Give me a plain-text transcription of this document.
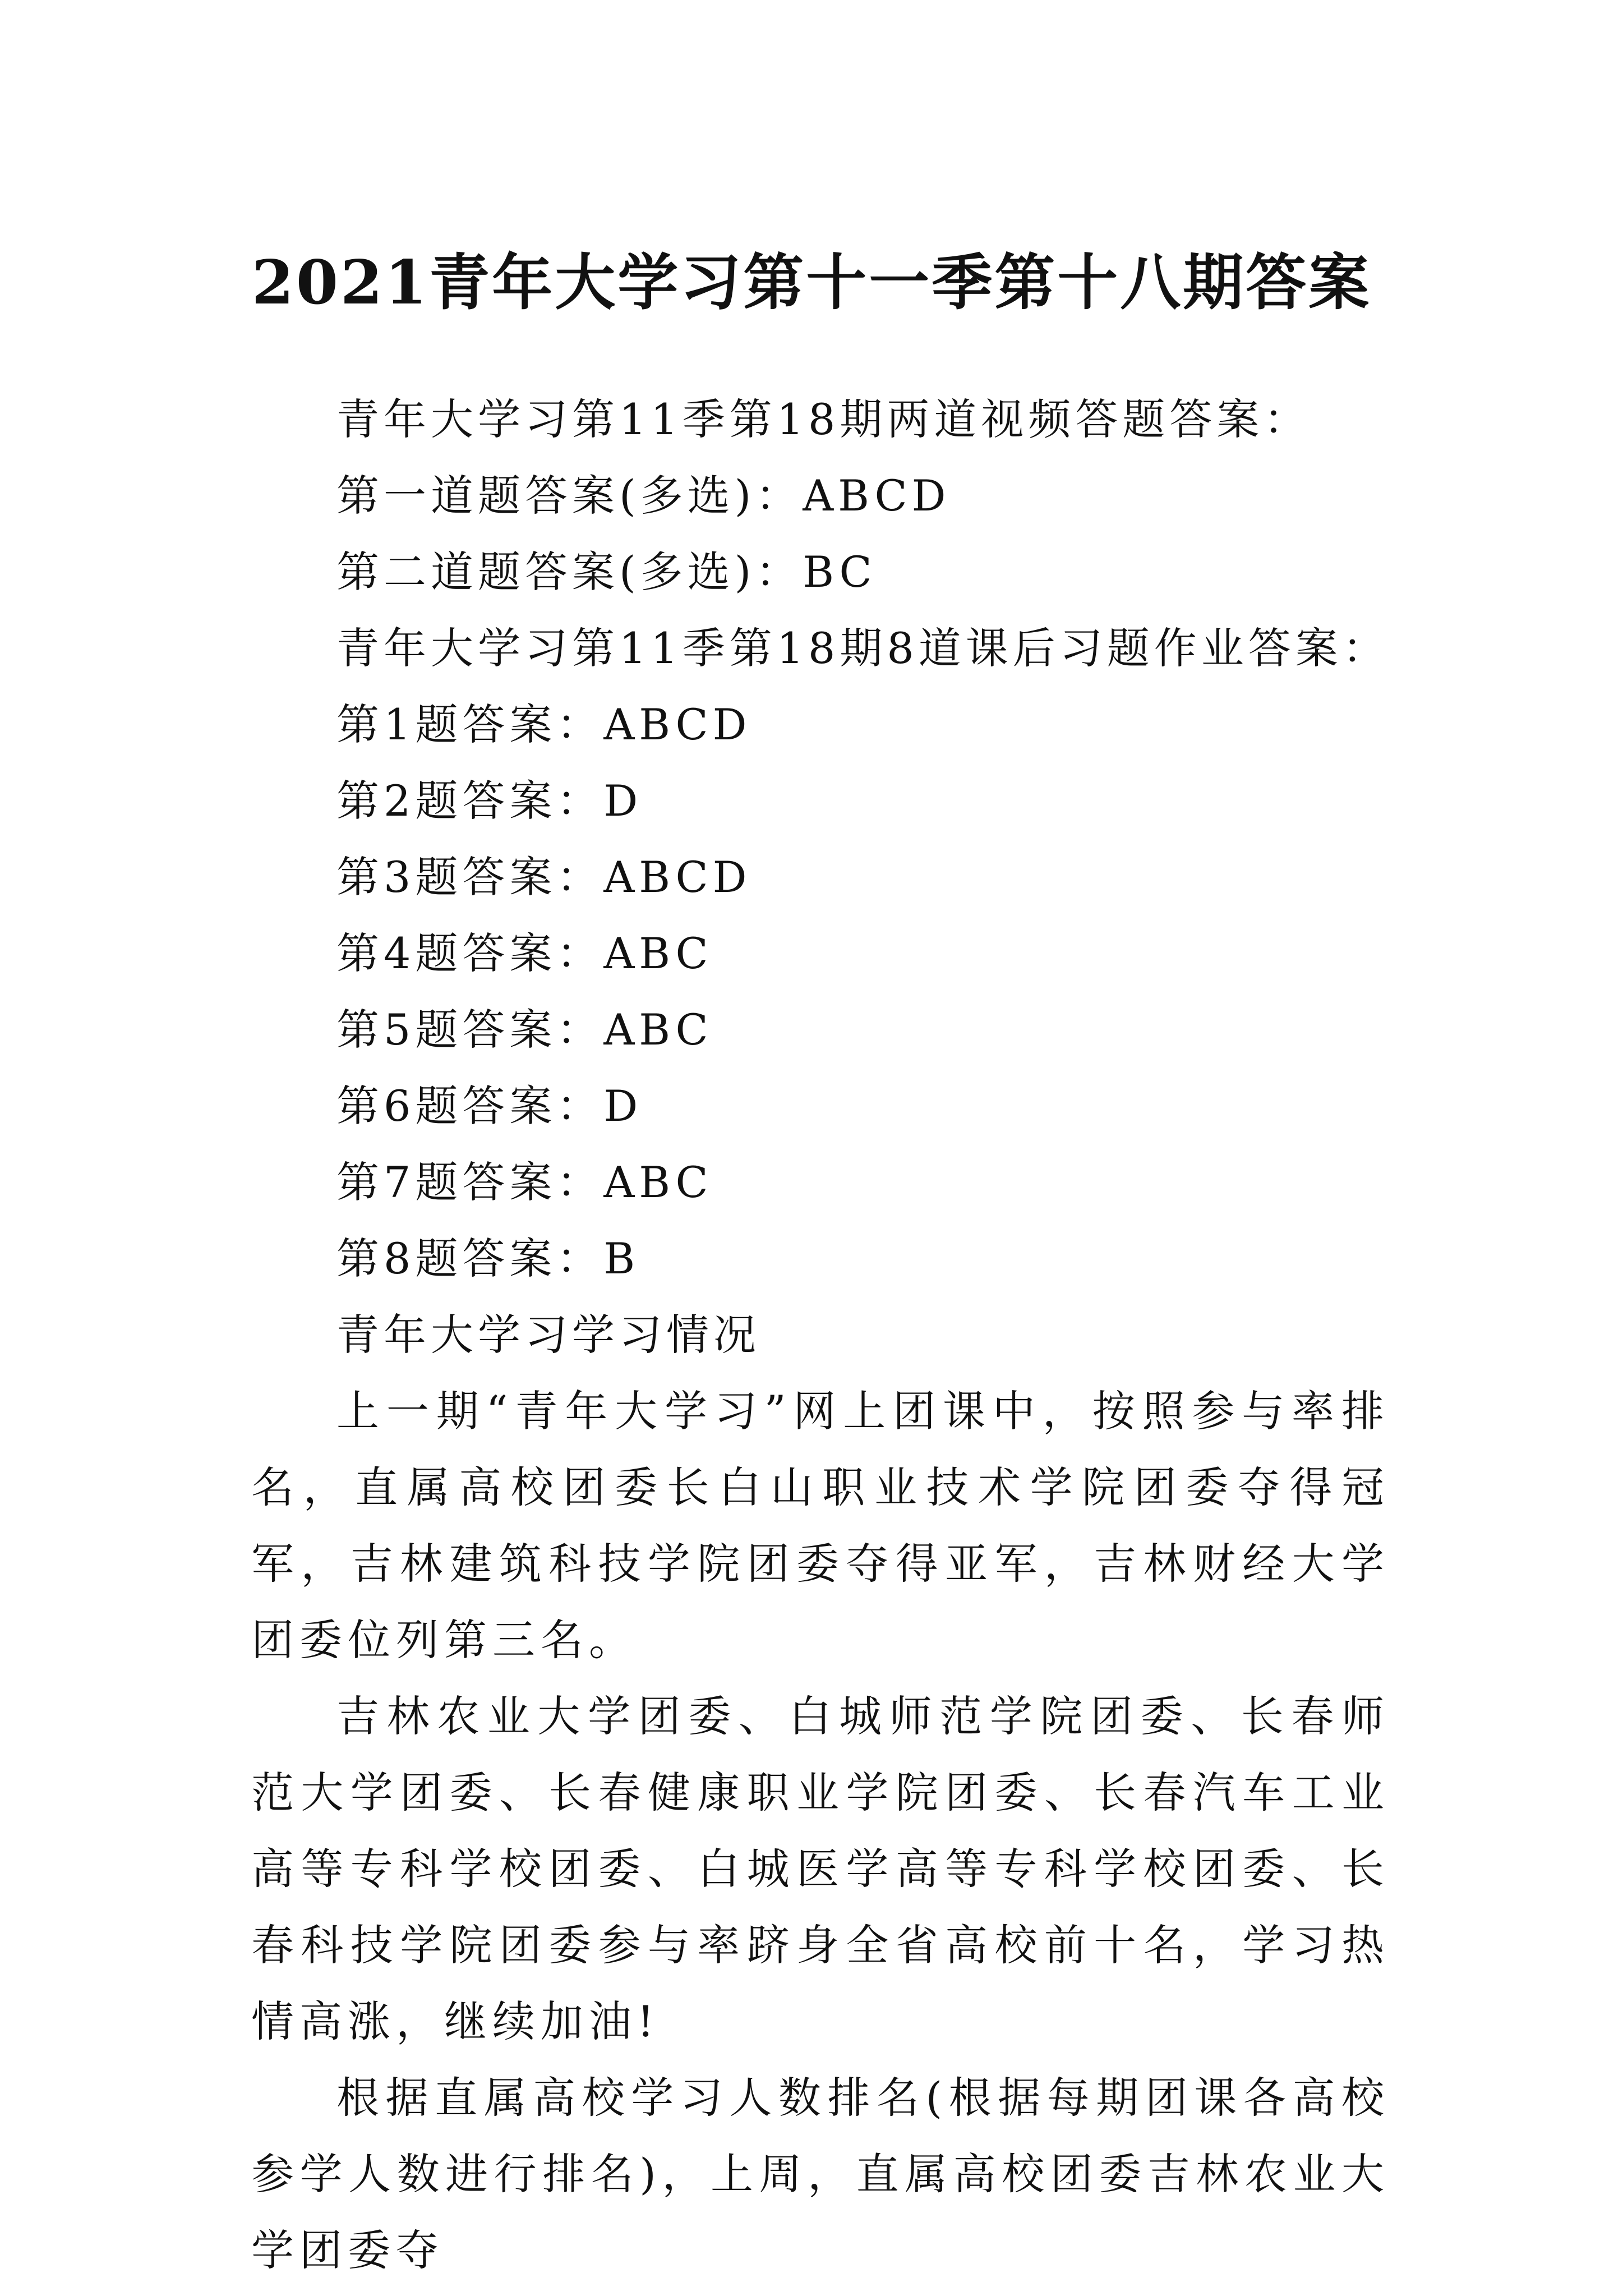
2021青年大学习第十一季第十八期答案

青年大学习第11季第18期两道视频答题答案：

第一道题答案(多选)：ABCD

第二道题答案(多选)：BC

青年大学习第11季第18期8道课后习题作业答案：

第1题答案：ABCD

第2题答案：D

第3题答案：ABCD

第4题答案：ABC

第5题答案：ABC

第6题答案：D

第7题答案：ABC

第8题答案：B

青年大学习学习情况

上一期“青年大学习”网上团课中，按照参与率排名，直属高校团委长白山职业技术学院团委夺得冠军，吉林建筑科技学院团委夺得亚军，吉林财经大学团委位列第三名。

吉林农业大学团委、白城师范学院团委、长春师范大学团委、长春健康职业学院团委、长春汽车工业高等专科学校团委、白城医学高等专科学校团委、长春科技学院团委参与率跻身全省高校前十名，学习热情高涨，继续加油!

根据直属高校学习人数排名(根据每期团课各高校参学人数进行排名)，上周，直属高校团委吉林农业大学团委夺
